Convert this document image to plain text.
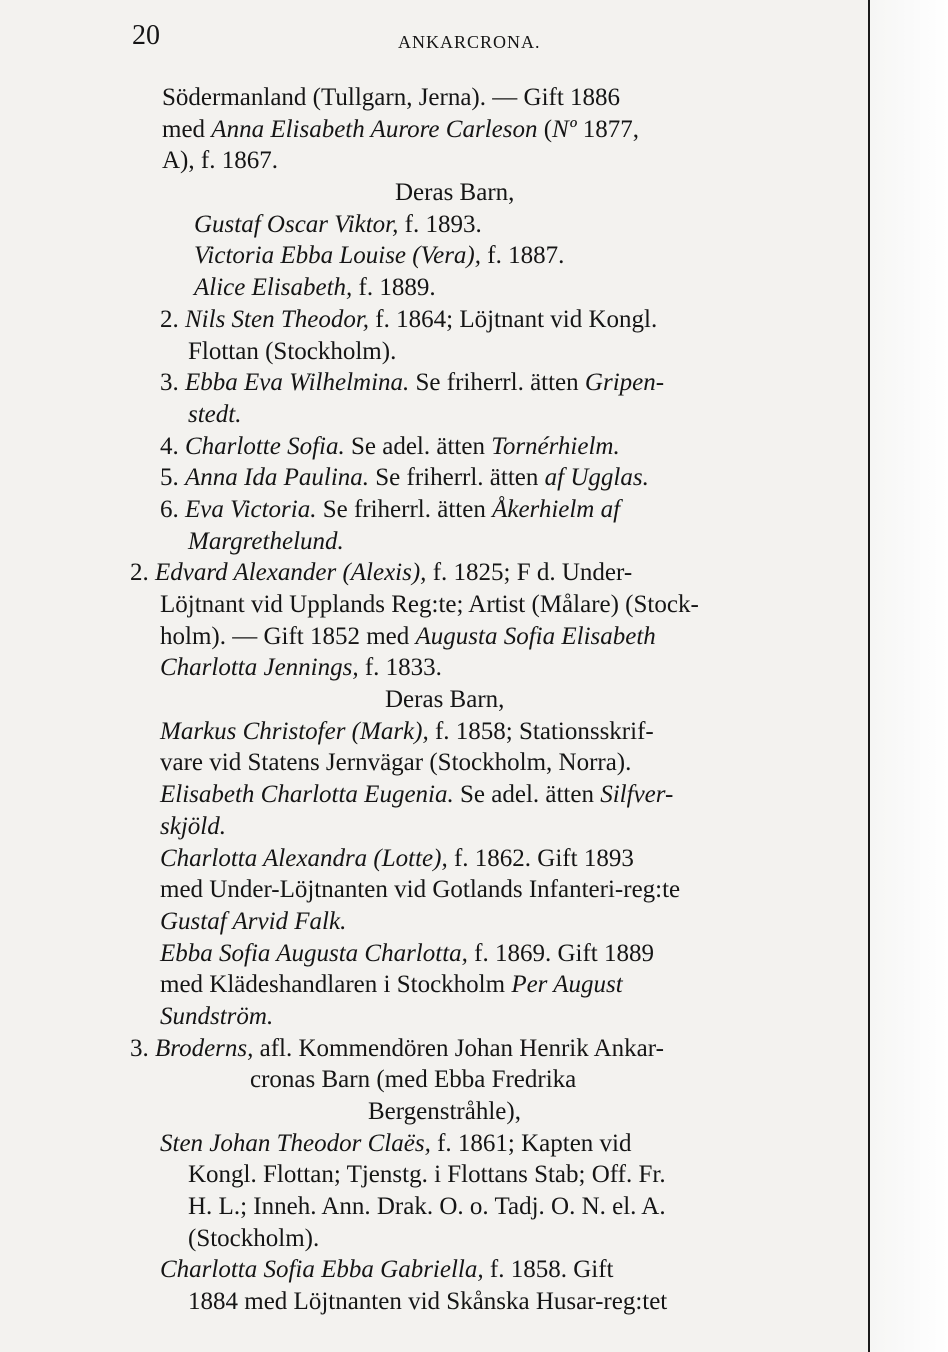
20	ANKARCRONA.
Södermanland (Tullgarn, Jerna). — Gift 1886
med Anna Elisabeth Aurore Carleson (Nº 1877,
A), f. 1867.
Deras Barn,
Gustaf Oscar Viktor, f. 1893.
Victoria Ebba Louise (Vera), f. 1887.
Alice Elisabeth, f. 1889.
2. Nils Sten Theodor, f. 1864; Löjtnant vid Kongl.
Flottan (Stockholm).
3. Ebba Eva Wilhelmina. Se friherrl. ätten Gripen-
stedt.
4. Charlotte Sofia. Se adel. ätten Tornérhielm.
5. Anna Ida Paulina. Se friherrl. ätten af Ugglas.
6. Eva Victoria. Se friherrl. ätten Åkerhielm af
Margrethelund.
2. Edvard Alexander (Alexis), f. 1825; F d. Under-
Löjtnant vid Upplands Reg:te; Artist (Målare) (Stock-
holm). — Gift 1852 med Augusta Sofia Elisabeth
Charlotta Jennings, f. 1833.
Deras Barn,
Markus Christofer (Mark), f. 1858; Stationsskrif-
vare vid Statens Jernvägar (Stockholm, Norra).
Elisabeth Charlotta Eugenia. Se adel. ätten Silfver-
skjöld.
Charlotta Alexandra (Lotte), f. 1862. Gift 1893
med Under-Löjtnanten vid Gotlands Infanteri-reg:te
Gustaf Arvid Falk.
Ebba Sofia Augusta Charlotta, f. 1869. Gift 1889
med Klädeshandlaren i Stockholm Per August
Sundström.
3. Broderns, afl. Kommendören Johan Henrik Ankar-
cronas Barn (med Ebba Fredrika
Bergenstråhle),
Sten Johan Theodor Claës, f. 1861; Kapten vid
Kongl. Flottan; Tjenstg. i Flottans Stab; Off. Fr.
H. L.; Inneh. Ann. Drak. O. o. Tadj. O. N. el. A.
(Stockholm).
Charlotta Sofia Ebba Gabriella, f. 1858. Gift
1884 med Löjtnanten vid Skånska Husar-reg:tet
